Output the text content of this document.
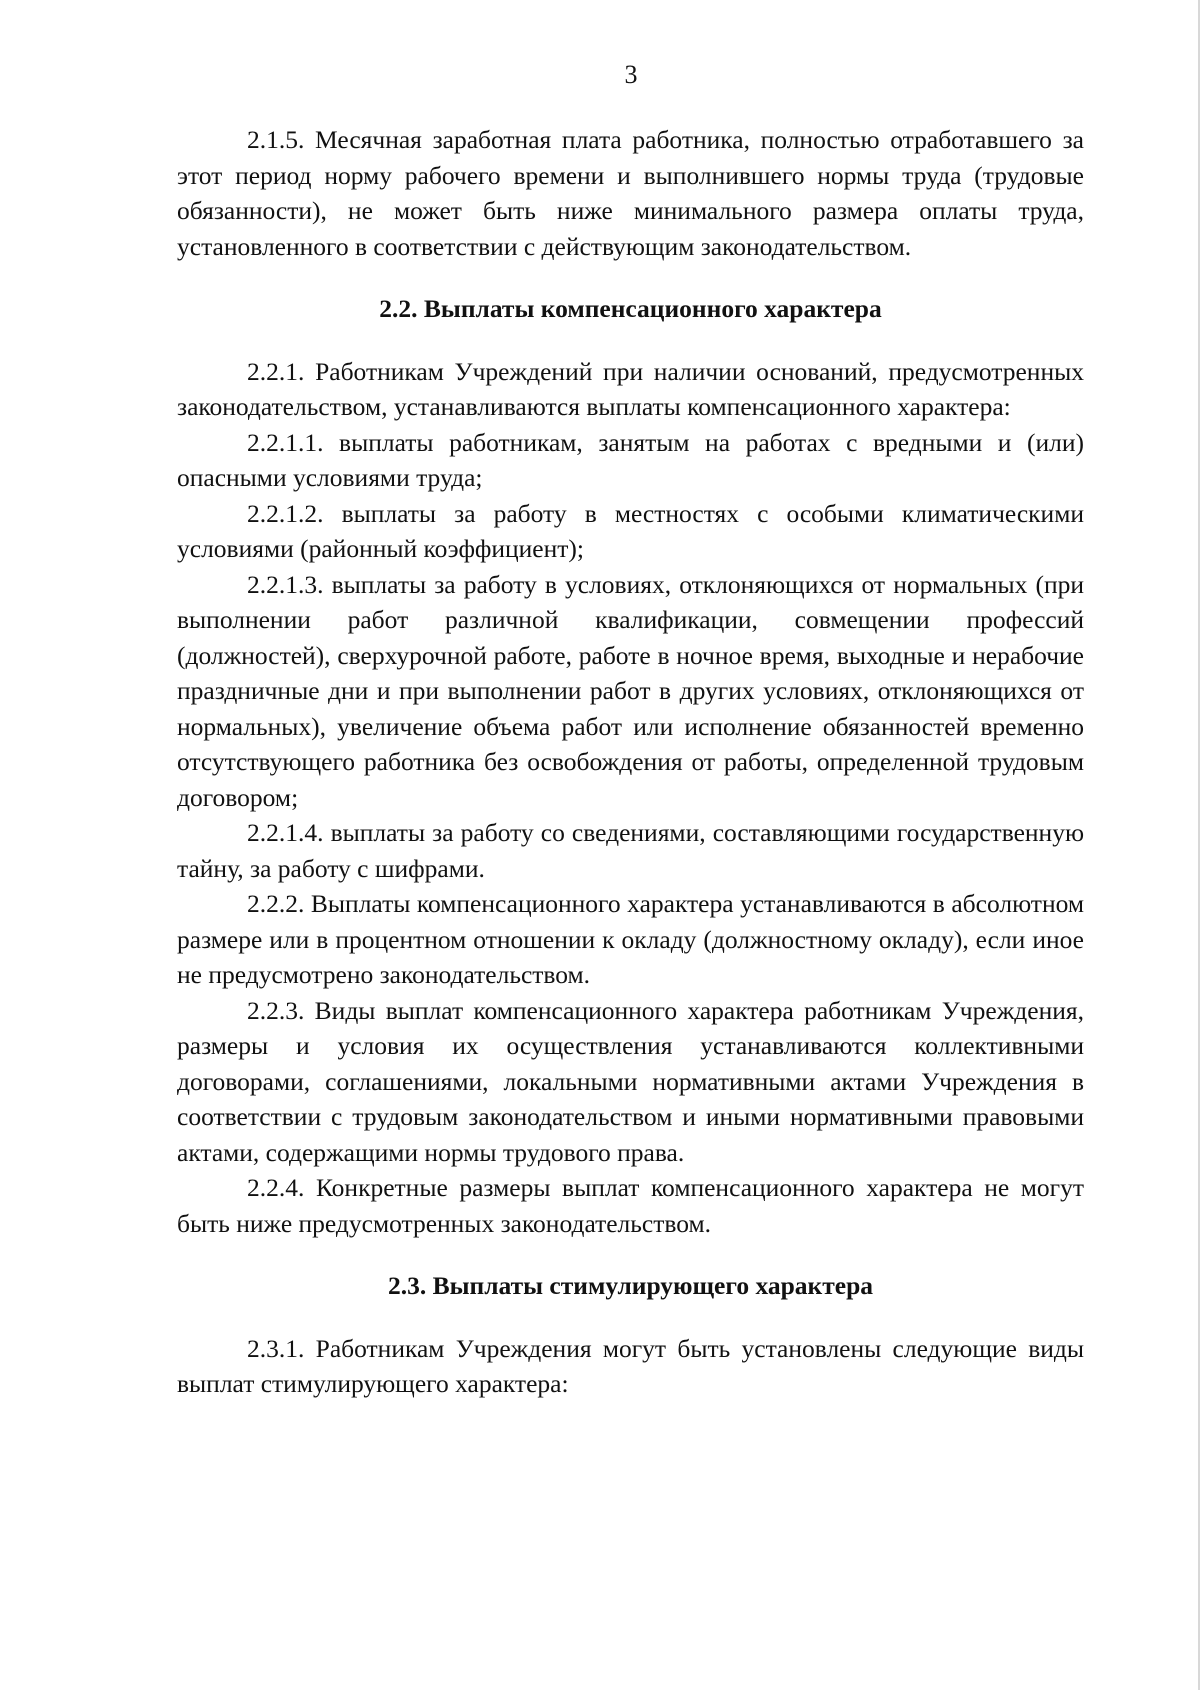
3

2.1.5. Месячная заработная плата работника, полностью отработавшего за этот период норму рабочего времени и выполнившего нормы труда (трудовые обязанности), не может быть ниже минимального размера оплаты труда, установленного в соответствии с действующим законодательством.

2.2. Выплаты компенсационного характера

2.2.1. Работникам Учреждений при наличии оснований, предусмотренных законодательством, устанавливаются выплаты компенсационного характера:

2.2.1.1. выплаты работникам, занятым на работах с вредными и (или) опасными условиями труда;

2.2.1.2. выплаты за работу в местностях с особыми климатическими условиями (районный коэффициент);

2.2.1.3. выплаты за работу в условиях, отклоняющихся от нормальных (при выполнении работ различной квалификации, совмещении профессий (должностей), сверхурочной работе, работе в ночное время, выходные и нерабочие праздничные дни и при выполнении работ в других условиях, отклоняющихся от нормальных), увеличение объема работ или исполнение обязанностей временно отсутствующего работника без освобождения от работы, определенной трудовым договором;

2.2.1.4. выплаты за работу со сведениями, составляющими государственную тайну, за работу с шифрами.

2.2.2. Выплаты компенсационного характера устанавливаются в абсолютном размере или в процентном отношении к окладу (должностному окладу), если иное не предусмотрено законодательством.

2.2.3. Виды выплат компенсационного характера работникам Учреждения, размеры и условия их осуществления устанавливаются коллективными договорами, соглашениями, локальными нормативными актами Учреждения в соответствии с трудовым законодательством и иными нормативными правовыми актами, содержащими нормы трудового права.

2.2.4. Конкретные размеры выплат компенсационного характера не могут быть ниже предусмотренных законодательством.

2.3. Выплаты стимулирующего характера

2.3.1. Работникам Учреждения могут быть установлены следующие виды выплат стимулирующего характера:
